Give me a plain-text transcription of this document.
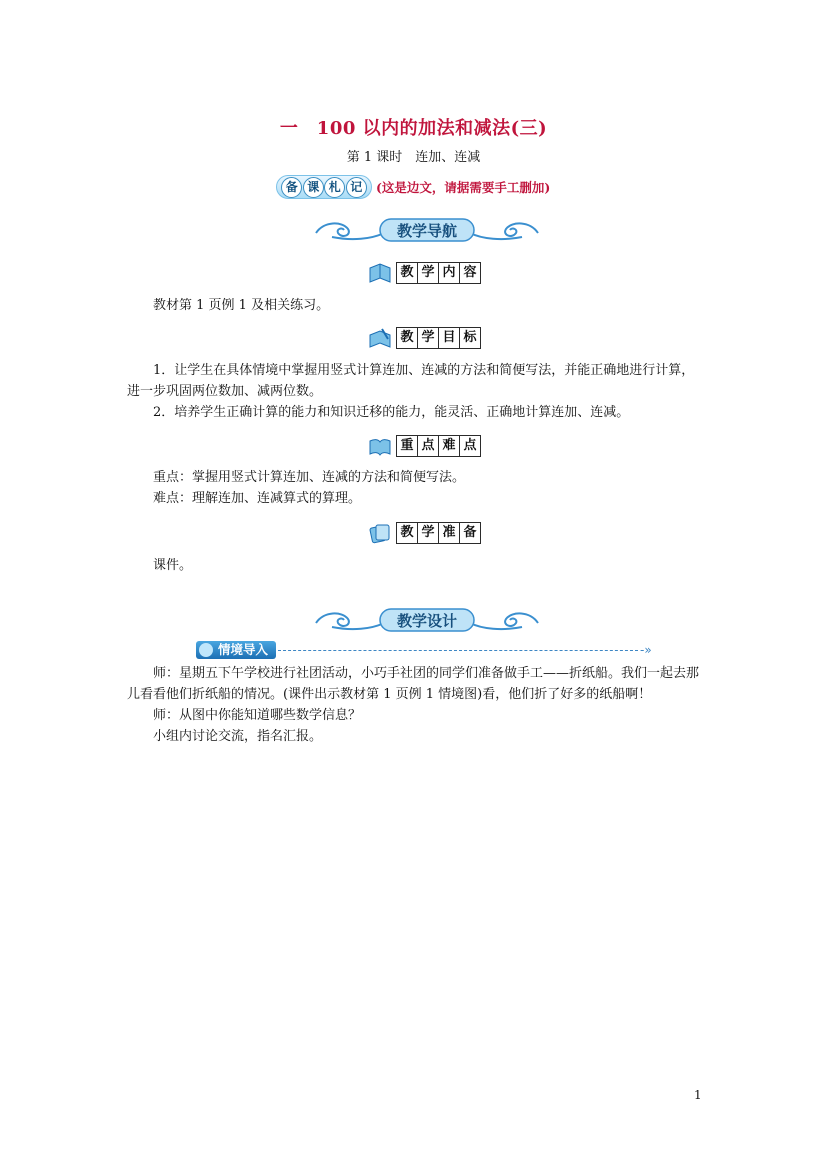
一　100 以内的加法和减法(三)
第 1 课时　连加、连减
备 课 札 记	(这是边文，请据需要手工删加)
教学导航
教 学 内 容

教材第 1 页例 1 及相关练习。

教 学 目 标

1．让学生在具体情境中掌握用竖式计算连加、连减的方法和简便写法，并能正确地进行计算，进一步巩固两位数加、减两位数。

2．培养学生正确计算的能力和知识迁移的能力，能灵活、正确地计算连加、连减。

重 点 难 点

重点：掌握用竖式计算连加、连减的方法和简便写法。

难点：理解连加、连减算式的算理。

教 学 准 备

课件。

教学设计
情境导入	-»

师：星期五下午学校进行社团活动，小巧手社团的同学们准备做手工——折纸船。我们一起去那儿看看他们折纸船的情况。(课件出示教材第 1 页例 1 情境图)看，他们折了好多的纸船啊！

师：从图中你能知道哪些数学信息？

小组内讨论交流，指名汇报。

1
